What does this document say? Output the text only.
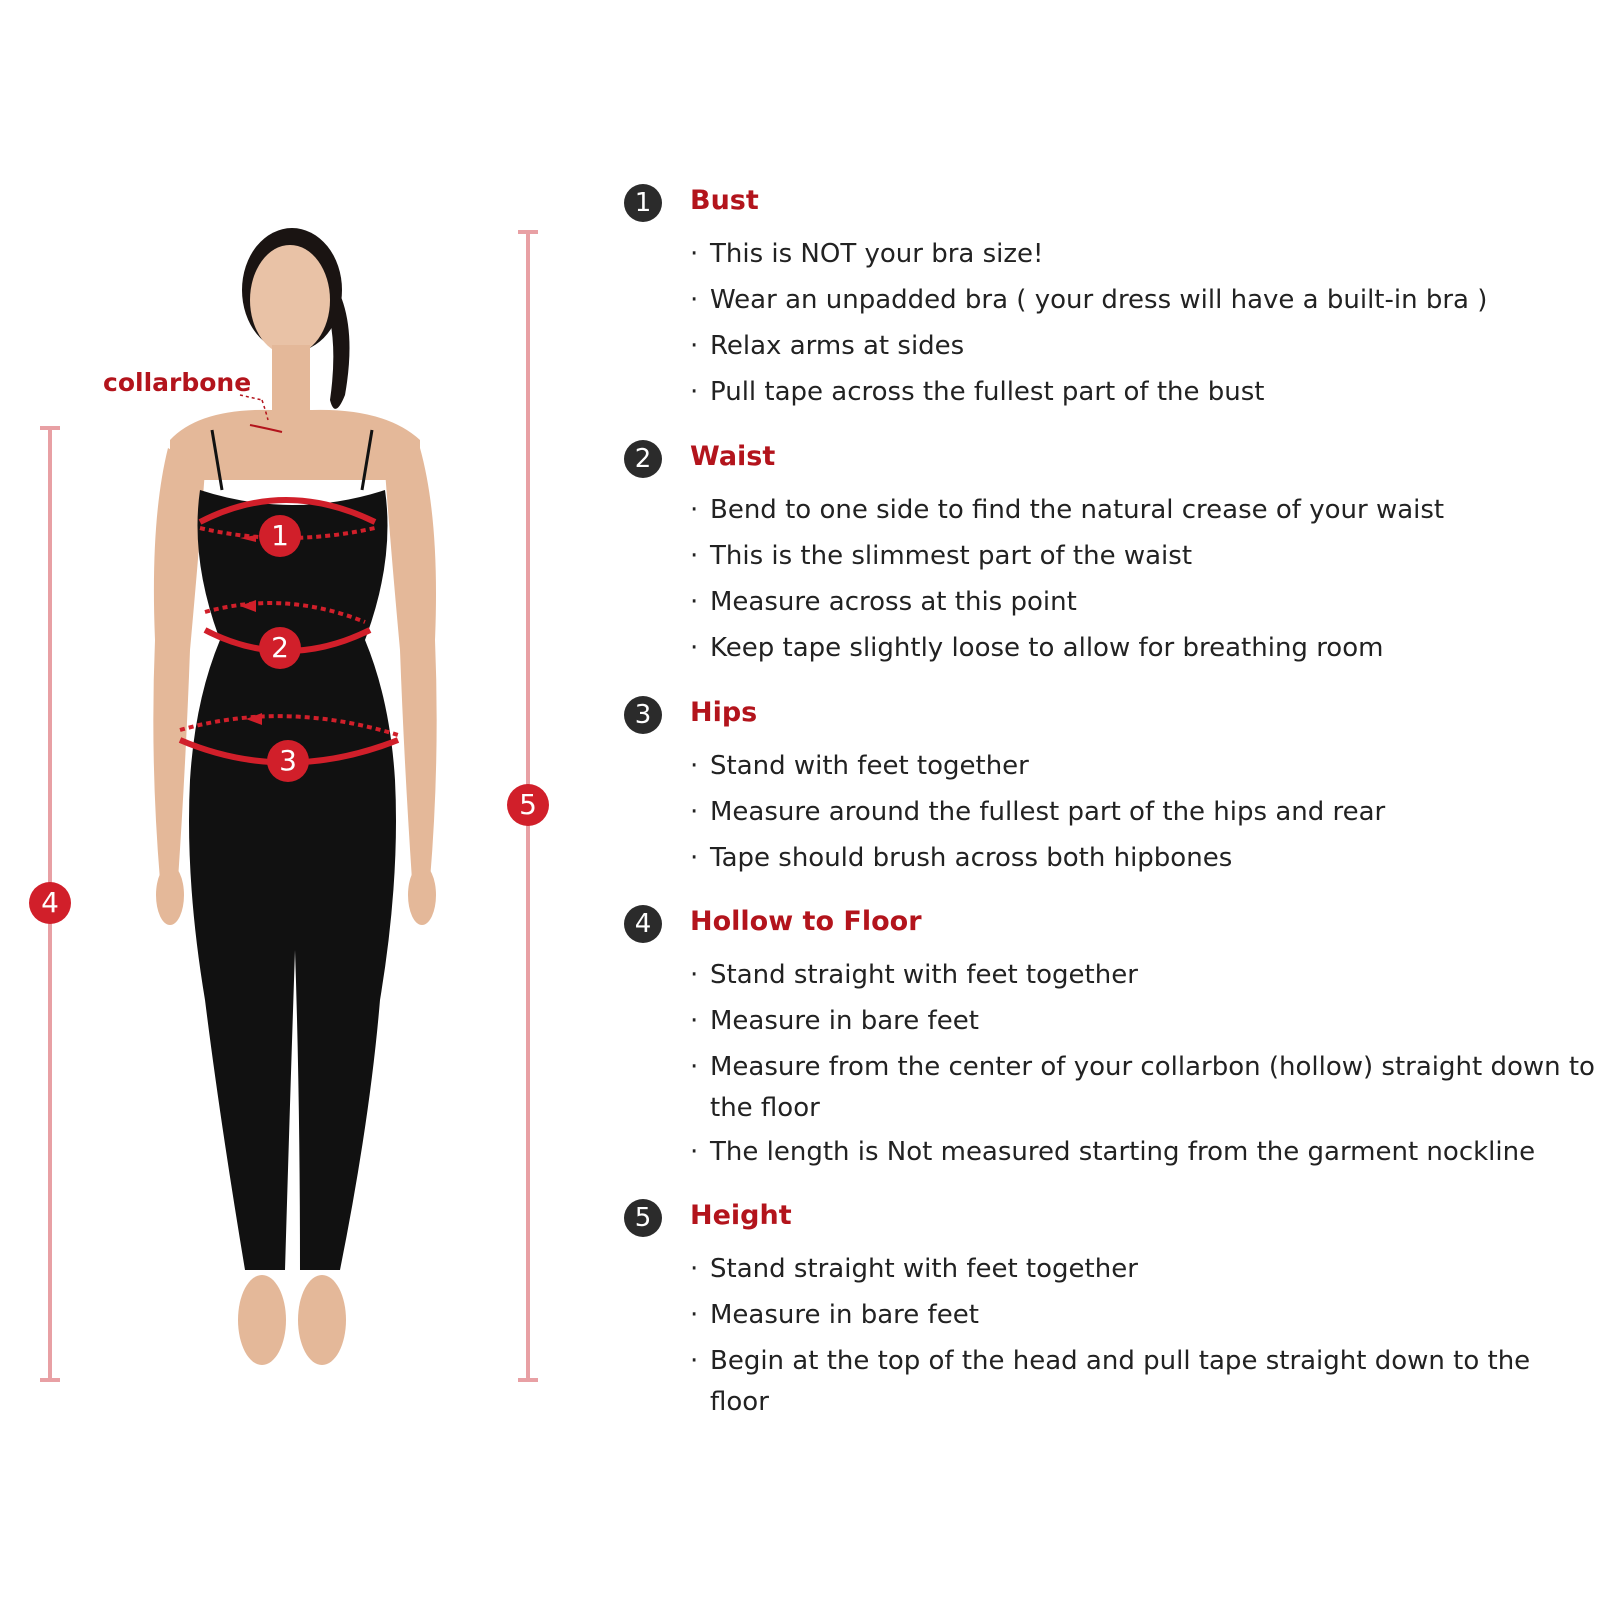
collarbone
1
2
3
4
5
1	Bust
· This is NOT your bra size!
· Wear an unpadded bra ( your dress will have a built-in bra )
· Relax arms at sides
· Pull tape across the fullest part of the bust
2	Waist
· Bend to one side to find the natural crease of your waist
· This is the slimmest part of the waist
· Measure across at this point
· Keep tape slightly loose to allow for breathing room
3	Hips
· Stand with feet together
· Measure around the fullest part of the hips and rear
· Tape should brush across both hipbones
4	Hollow to Floor
· Stand straight with feet together
· Measure in bare feet
· Measure from the center of your collarbon (hollow) straight down to
the floor
· The length is Not measured starting from the garment nockline
5	Height
· Stand straight with feet together
· Measure in bare feet
· Begin at the top of the head and pull tape straight down to the
floor
